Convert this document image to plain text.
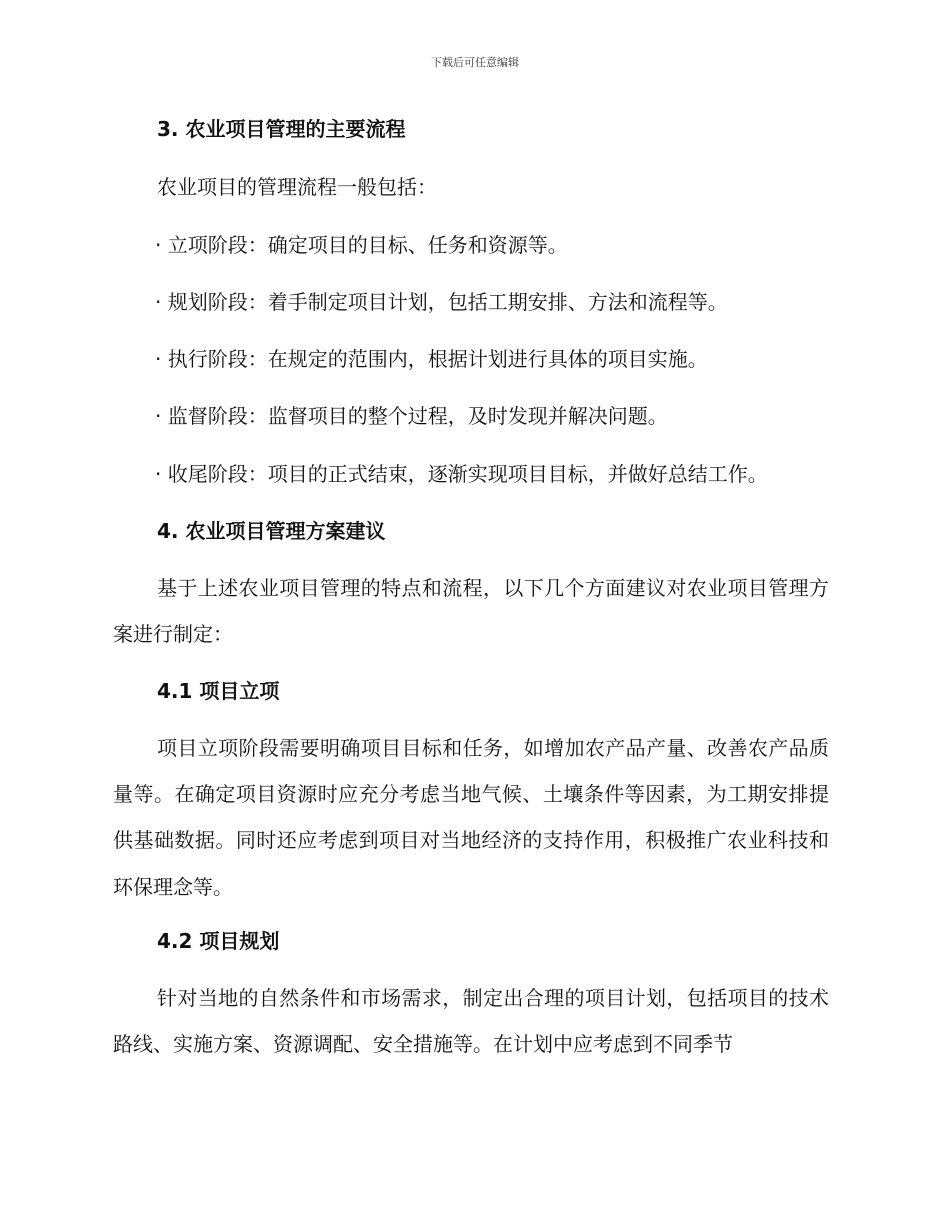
下载后可任意编辑
3. 农业项目管理的主要流程
农业项目的管理流程一般包括：
· 立项阶段：确定项目的目标、任务和资源等。
· 规划阶段：着手制定项目计划，包括工期安排、方法和流程等。
· 执行阶段：在规定的范围内，根据计划进行具体的项目实施。
· 监督阶段：监督项目的整个过程，及时发现并解决问题。
· 收尾阶段：项目的正式结束，逐渐实现项目目标，并做好总结工作。
4. 农业项目管理方案建议
基于上述农业项目管理的特点和流程，以下几个方面建议对农业项目管理方案进行制定：
4.1 项目立项
项目立项阶段需要明确项目目标和任务，如增加农产品产量、改善农产品质量等。在确定项目资源时应充分考虑当地气候、土壤条件等因素，为工期安排提供基础数据。同时还应考虑到项目对当地经济的支持作用，积极推广农业科技和环保理念等。
4.2 项目规划
针对当地的自然条件和市场需求，制定出合理的项目计划，包括项目的技术路线、实施方案、资源调配、安全措施等。在计划中应考虑到不同季节
